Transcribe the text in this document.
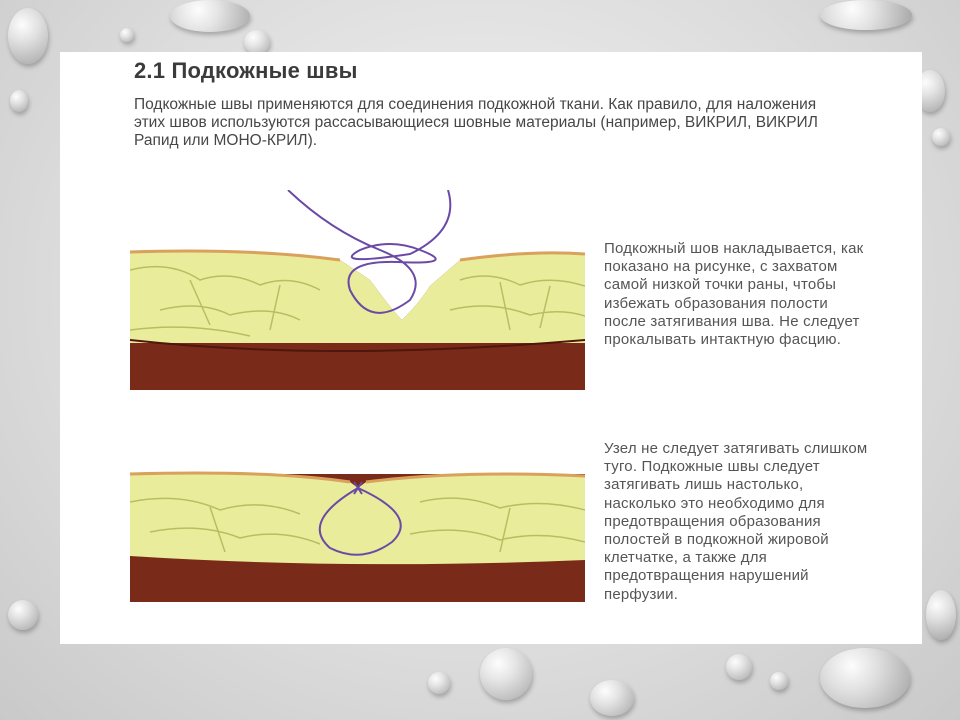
2.1 Подкожные швы

Подкожные швы применяются для соединения подкожной ткани. Как правило, для наложения этих швов используются рассасывающиеся шовные материалы (например, ВИКРИЛ, ВИКРИЛ Рапид или МОНО-КРИЛ).

Подкожный шов накладывается, как показано на рисунке, с захватом самой низкой точки раны, чтобы избежать образования полости после затягивания шва. Не следует прокалывать интактную фасцию.

Узел не следует затягивать слишком туго. Подкожные швы следует затягивать лишь настолько, насколько это необходимо для предотвращения образования полостей в подкожной жировой клетчатке, а также для предотвращения нарушений перфузии.
